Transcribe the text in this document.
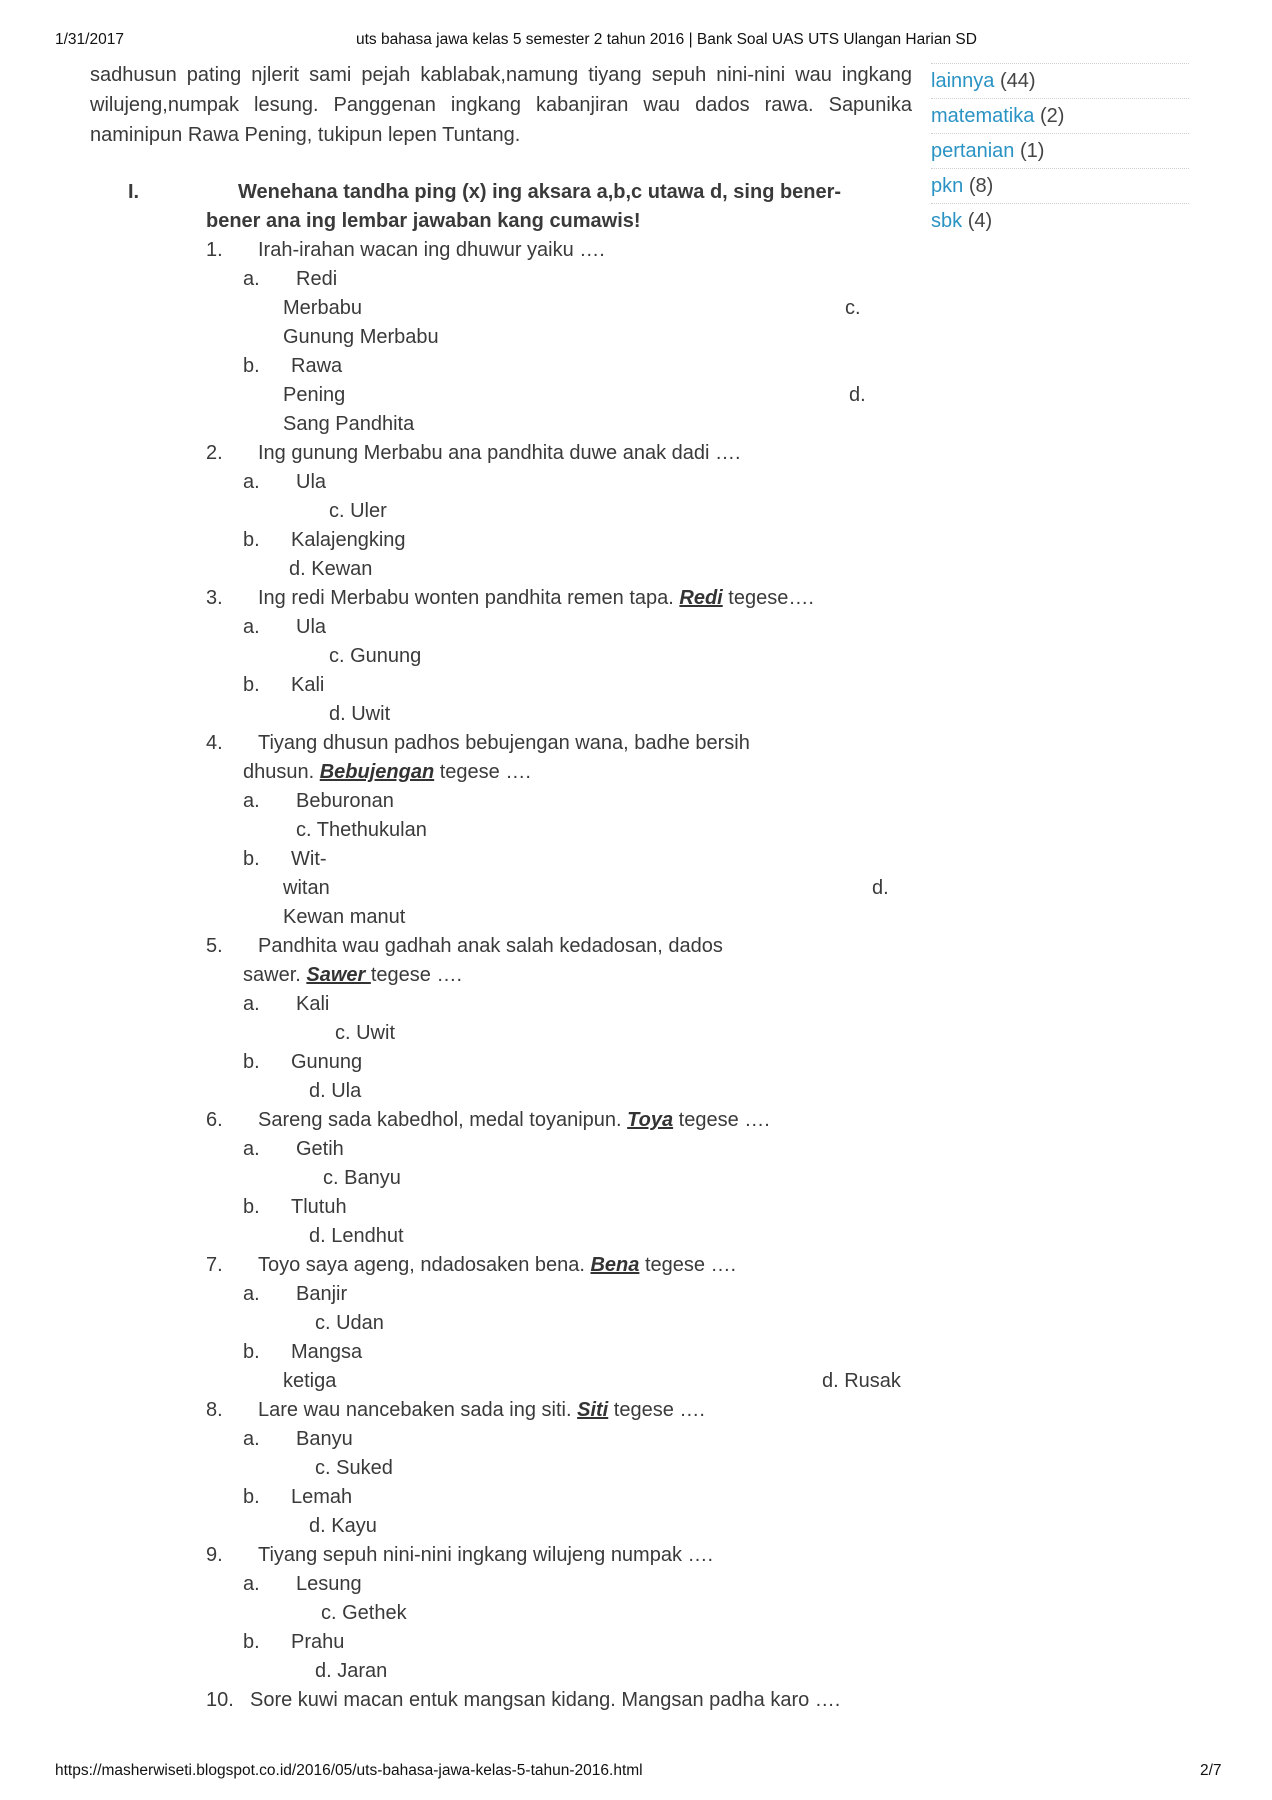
1/31/2017	uts bahasa jawa kelas 5 semester 2 tahun 2016 | Bank Soal UAS UTS Ulangan Harian SD
https://masherwiseti.blogspot.co.id/2016/05/uts-bahasa-jawa-kelas-5-tahun-2016.html	2/7
lainnya (44)
matematika (2)
pertanian (1)
pkn (8)
sbk (4)
sadhusun pating njlerit sami pejah kablabak,namung tiyang sepuh nini-nini wau ingkang wilujeng,numpak lesung. Panggenan ingkang kabanjiran wau dados rawa. Sapunika naminipun Rawa Pening, tukipun lepen Tuntang.
I.	Wenehana tandha ping (x) ing aksara a,b,c utawa d, sing bener-
bener ana ing lembar jawaban kang cumawis!
1. Irah-irahan wacan ing dhuwur yaiku ….
a. Redi
Merbabu	c.
Gunung Merbabu
b. Rawa
Pening	d.
Sang Pandhita
2. Ing gunung Merbabu ana pandhita duwe anak dadi ….
a. Ula
c. Uler
b. Kalajengking
d. Kewan
3. Ing redi Merbabu wonten pandhita remen tapa. Redi tegese….
a. Ula
c. Gunung
b. Kali
d. Uwit
4. Tiyang dhusun padhos bebujengan wana, badhe bersih
dhusun. Bebujengan tegese ….
a. Beburonan
c. Thethukulan
b. Wit-
witan	d.
Kewan manut
5. Pandhita wau gadhah anak salah kedadosan, dados
sawer. Sawer tegese ….
a. Kali
c. Uwit
b. Gunung
d. Ula
6. Sareng sada kabedhol, medal toyanipun. Toya tegese ….
a. Getih
c. Banyu
b. Tlutuh
d. Lendhut
7. Toyo saya ageng, ndadosaken bena. Bena tegese ….
a. Banjir
c. Udan
b. Mangsa
ketiga	d. Rusak
8. Lare wau nancebaken sada ing siti. Siti tegese ….
a. Banyu
c. Suked
b. Lemah
d. Kayu
9. Tiyang sepuh nini-nini ingkang wilujeng numpak ….
a. Lesung
c. Gethek
b. Prahu
d. Jaran
10. Sore kuwi macan entuk mangsan kidang. Mangsan padha karo ….
